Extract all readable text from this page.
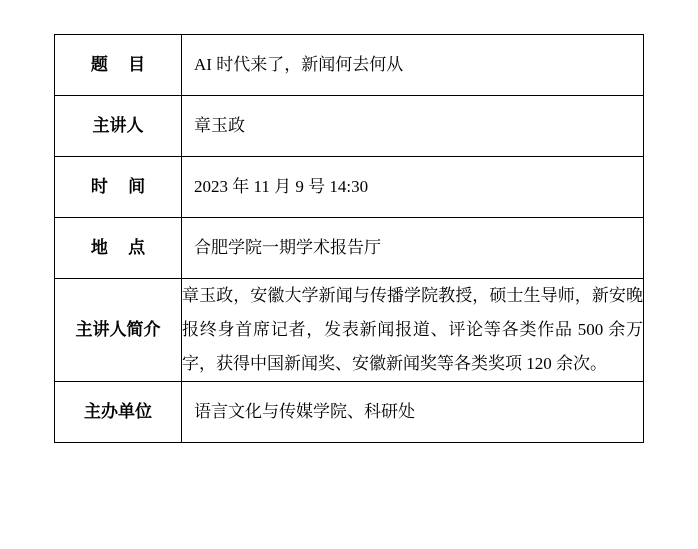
题 目	AI 时代来了，新闻何去何从
主讲人	章玉政
时 间	2023 年 11 月 9 号 14:30
地 点	合肥学院一期学术报告厅
主讲人简介	章玉政，安徽大学新闻与传播学院教授，硕士生导师，新安晚报终身首席记者，发表新闻报道、评论等各类作品 500 余万字，获得中国新闻奖、安徽新闻奖等各类奖项 120 余次。
主办单位	语言文化与传媒学院、科研处
